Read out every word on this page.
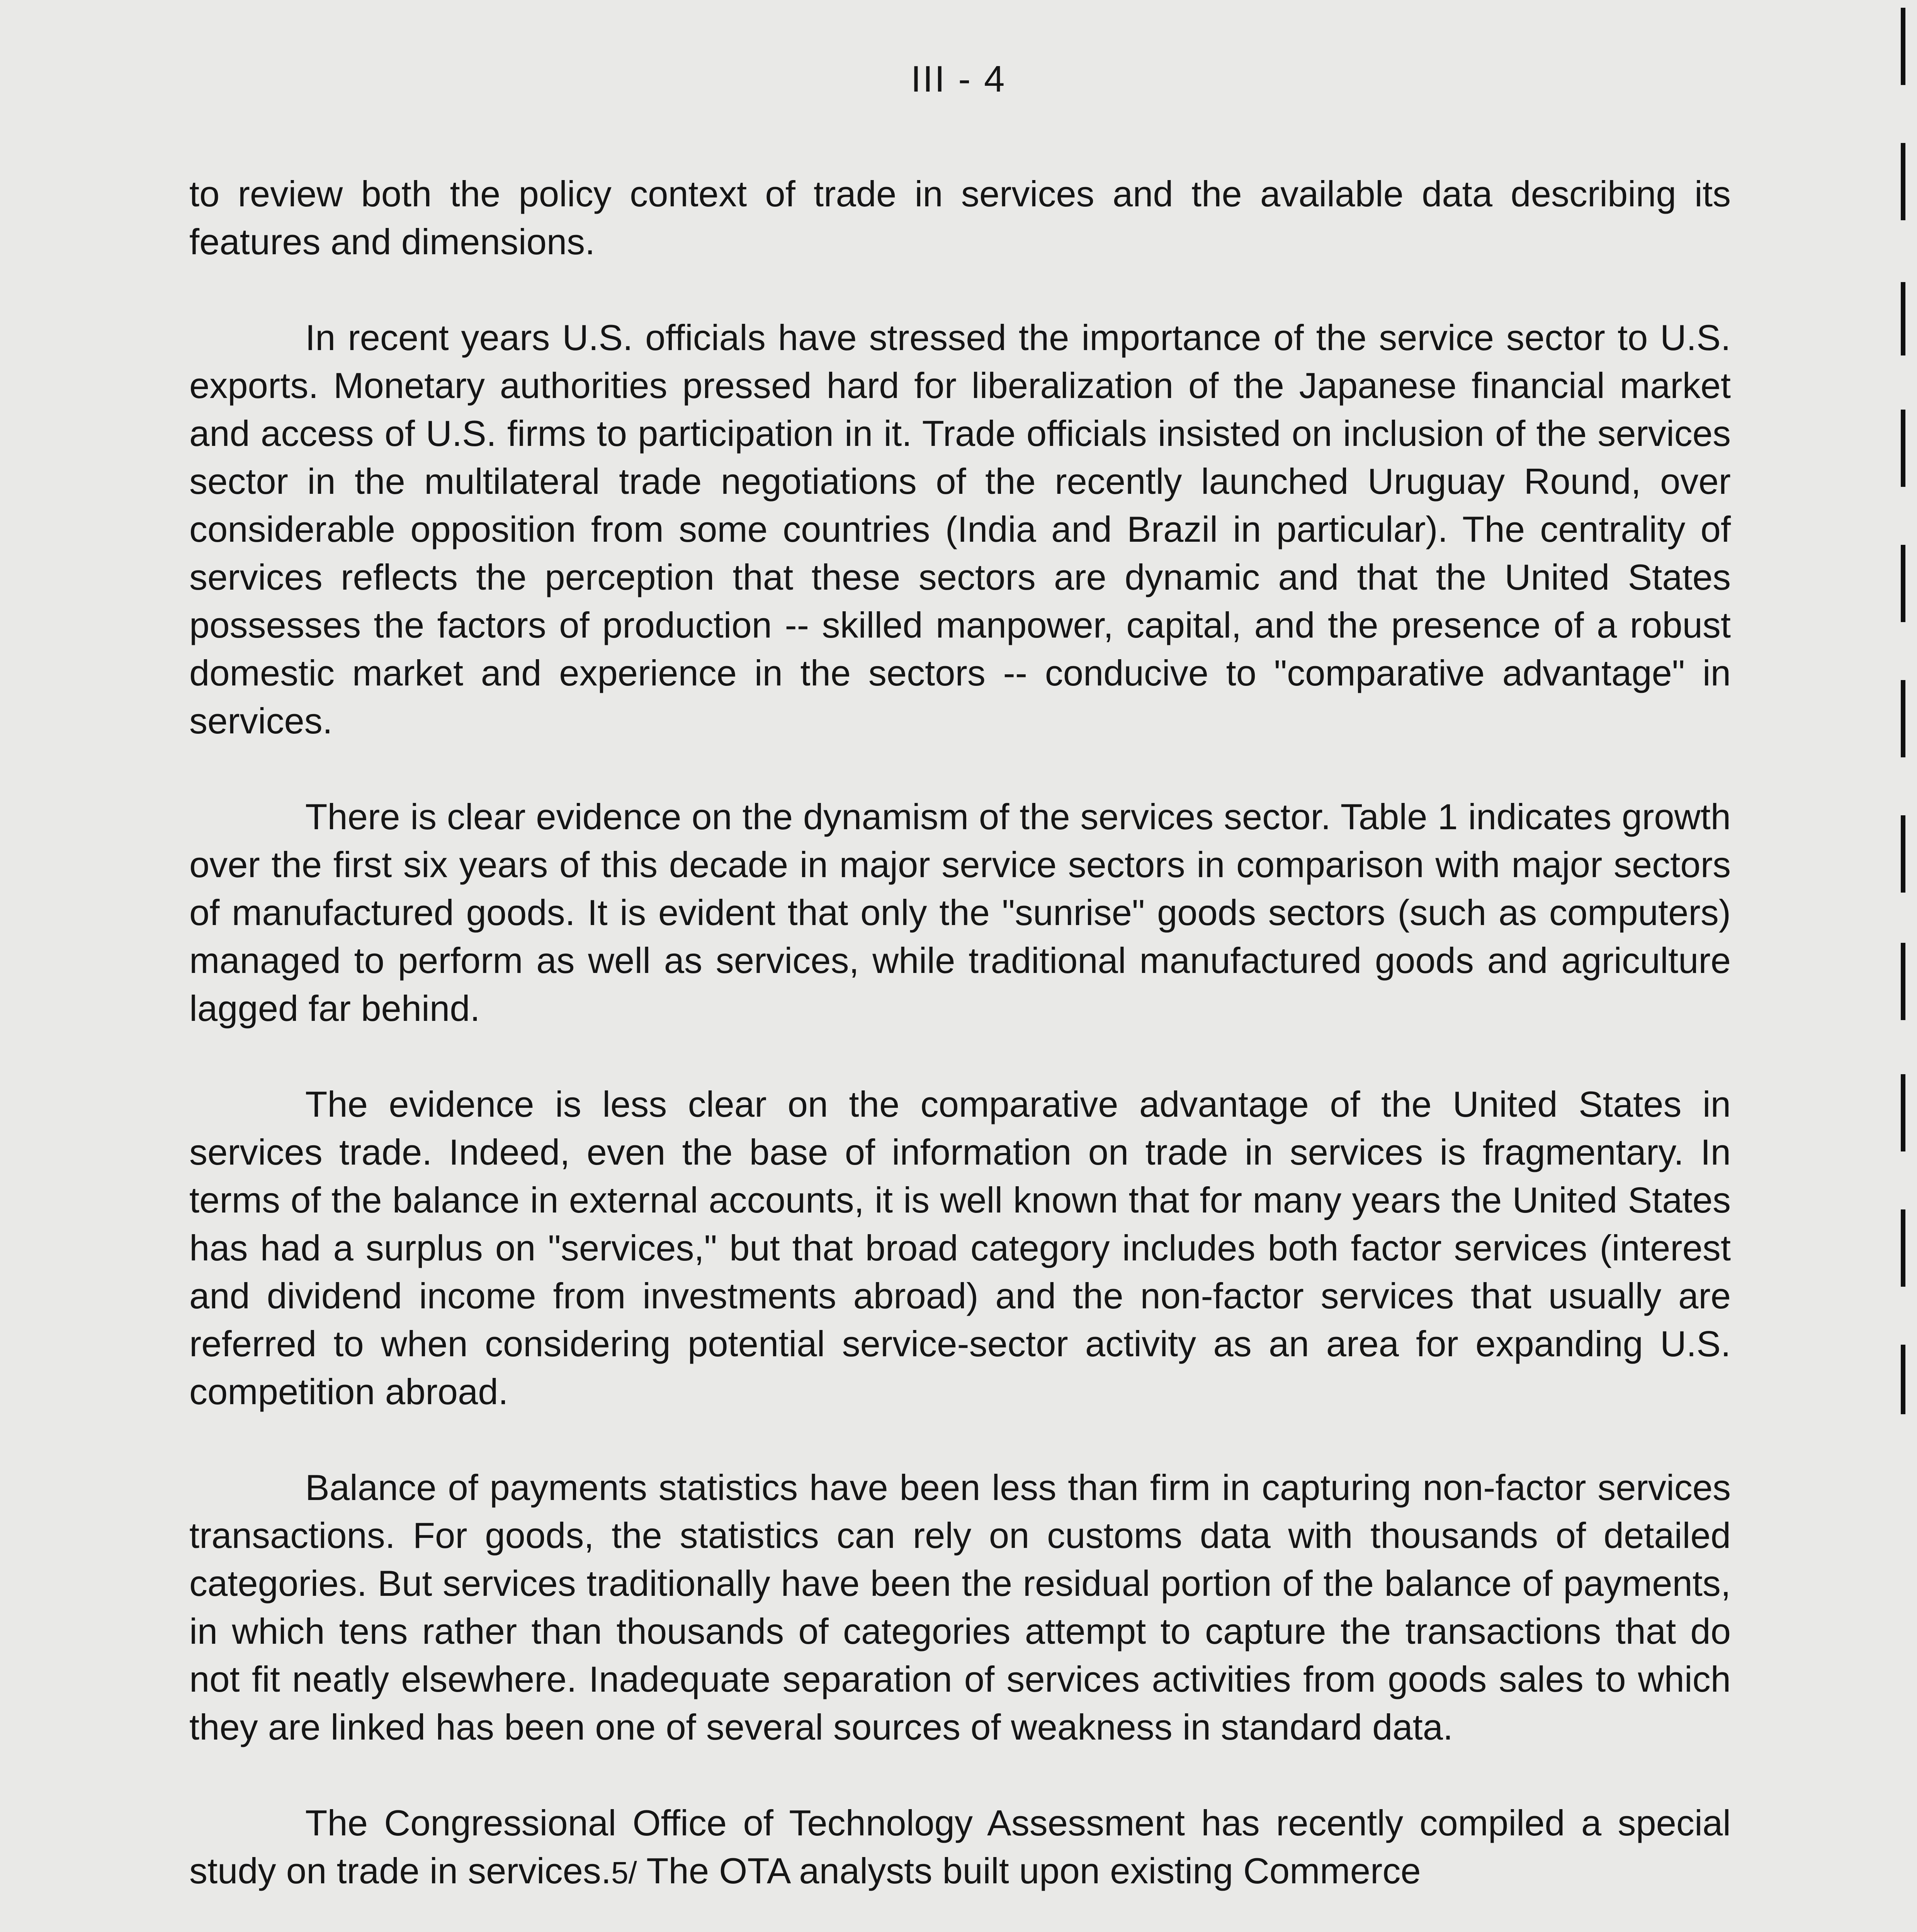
III - 4

to review both the policy context of trade in services and the available data describing its features and dimensions.

In recent years U.S. officials have stressed the importance of the service sector to U.S. exports. Monetary authorities pressed hard for liberalization of the Japanese financial market and access of U.S. firms to participation in it. Trade officials insisted on inclusion of the services sector in the multilateral trade negotiations of the recently launched Uruguay Round, over considerable opposition from some countries (India and Brazil in particular). The centrality of services reflects the perception that these sectors are dynamic and that the United States possesses the factors of production -- skilled manpower, capital, and the presence of a robust domestic market and experience in the sectors -- conducive to "comparative advantage" in services.

There is clear evidence on the dynamism of the services sector. Table 1 indicates growth over the first six years of this decade in major service sectors in comparison with major sectors of manufactured goods. It is evident that only the "sunrise" goods sectors (such as computers) managed to perform as well as services, while traditional manufactured goods and agriculture lagged far behind.

The evidence is less clear on the comparative advantage of the United States in services trade. Indeed, even the base of information on trade in services is fragmentary. In terms of the balance in external accounts, it is well known that for many years the United States has had a surplus on "services," but that broad category includes both factor services (interest and dividend income from investments abroad) and the non-factor services that usually are referred to when considering potential service-sector activity as an area for expanding U.S. competition abroad.

Balance of payments statistics have been less than firm in capturing non-factor services transactions. For goods, the statistics can rely on customs data with thousands of detailed categories. But services traditionally have been the residual portion of the balance of payments, in which tens rather than thousands of categories attempt to capture the transactions that do not fit neatly elsewhere. Inadequate separation of services activities from goods sales to which they are linked has been one of several sources of weakness in standard data.

The Congressional Office of Technology Assessment has recently compiled a special study on trade in services.5/ The OTA analysts built upon existing Commerce
